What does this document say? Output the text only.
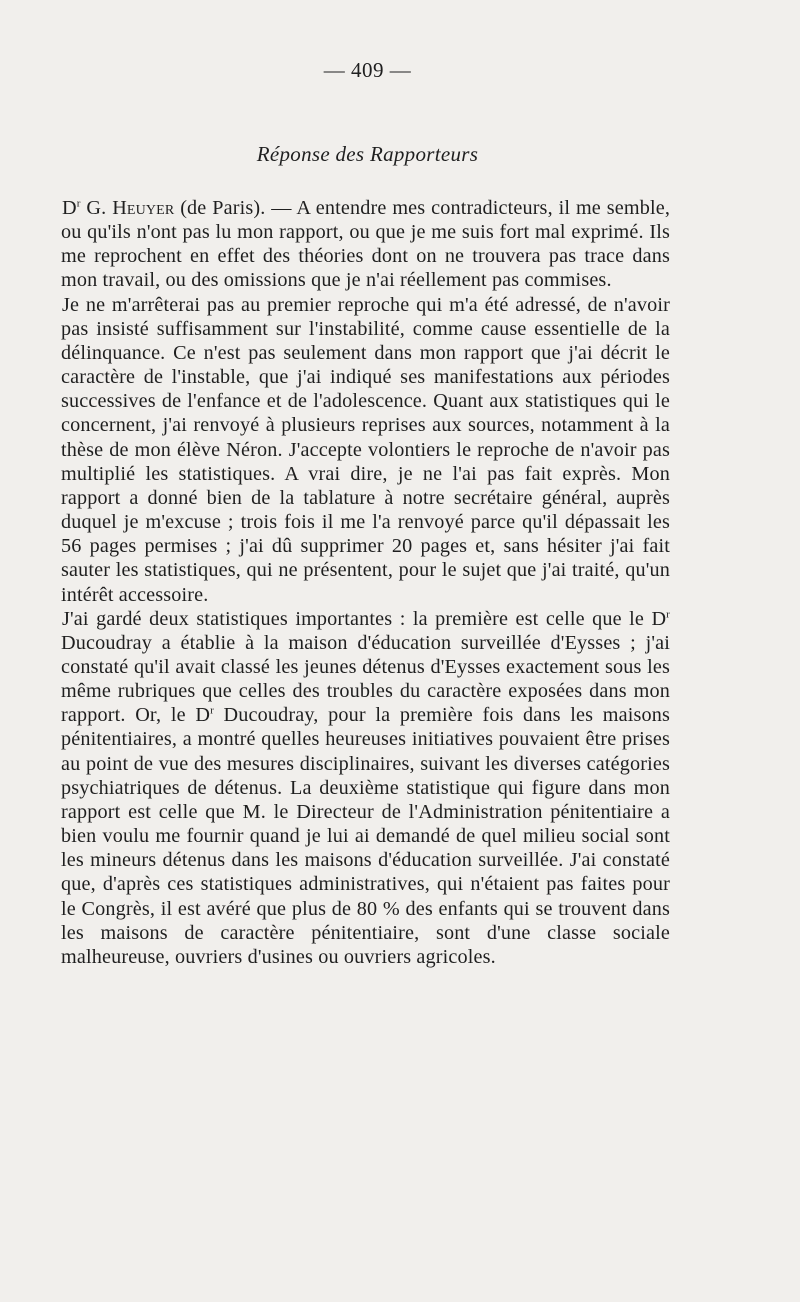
— 409 —
Réponse des Rapporteurs

$D^r$ G. Heuyer (de Paris). — A entendre mes contradicteurs, il me semble, ou qu'ils n'ont pas lu mon rapport, ou que je me suis fort mal exprimé. Ils me reprochent en effet des théories dont on ne trouvera pas trace dans mon travail, ou des omissions que je n'ai réellement pas commises.

Je ne m'arrêterai pas au premier reproche qui m'a été adressé, de n'avoir pas insisté suffisamment sur l'instabilité, comme cause essentielle de la délinquance. Ce n'est pas seulement dans mon rapport que j'ai décrit le caractère de l'instable, que j'ai indiqué ses manifestations aux périodes successives de l'enfance et de l'adolescence. Quant aux statistiques qui le concernent, j'ai renvoyé à plusieurs reprises aux sources, notamment à la thèse de mon élève Néron. J'accepte volontiers le reproche de n'avoir pas multiplié les statistiques. A vrai dire, je ne l'ai pas fait exprès. Mon rapport a donné bien de la tablature à notre secrétaire général, auprès duquel je m'excuse ; trois fois il me l'a renvoyé parce qu'il dépassait les 56 pages permises ; j'ai dû supprimer 20 pages et, sans hésiter j'ai fait sauter les statistiques, qui ne présentent, pour le sujet que j'ai traité, qu'un intérêt accessoire.

J'ai gardé deux statistiques importantes : la première est celle que le $D^r$ Ducoudray a établie à la maison d'éducation surveillée d'Eysses ; j'ai constaté qu'il avait classé les jeunes détenus d'Eysses exactement sous les même rubriques que celles des troubles du caractère exposées dans mon rapport. Or, le $D^r$ Ducoudray, pour la première fois dans les maisons pénitentiaires, a montré quelles heureuses initiatives pouvaient être prises au point de vue des mesures disciplinaires, suivant les diverses catégories psychiatriques de détenus. La deuxième statistique qui figure dans mon rapport est celle que M. le Directeur de l'Administration pénitentiaire a bien voulu me fournir quand je lui ai demandé de quel milieu social sont les mineurs détenus dans les maisons d'éducation surveillée. J'ai constaté que, d'après ces statistiques administratives, qui n'étaient pas faites pour le Congrès, il est avéré que plus de 80 % des enfants qui se trouvent dans les maisons de caractère pénitentiaire, sont d'une classe sociale malheureuse, ouvriers d'usines ou ouvriers agricoles.
